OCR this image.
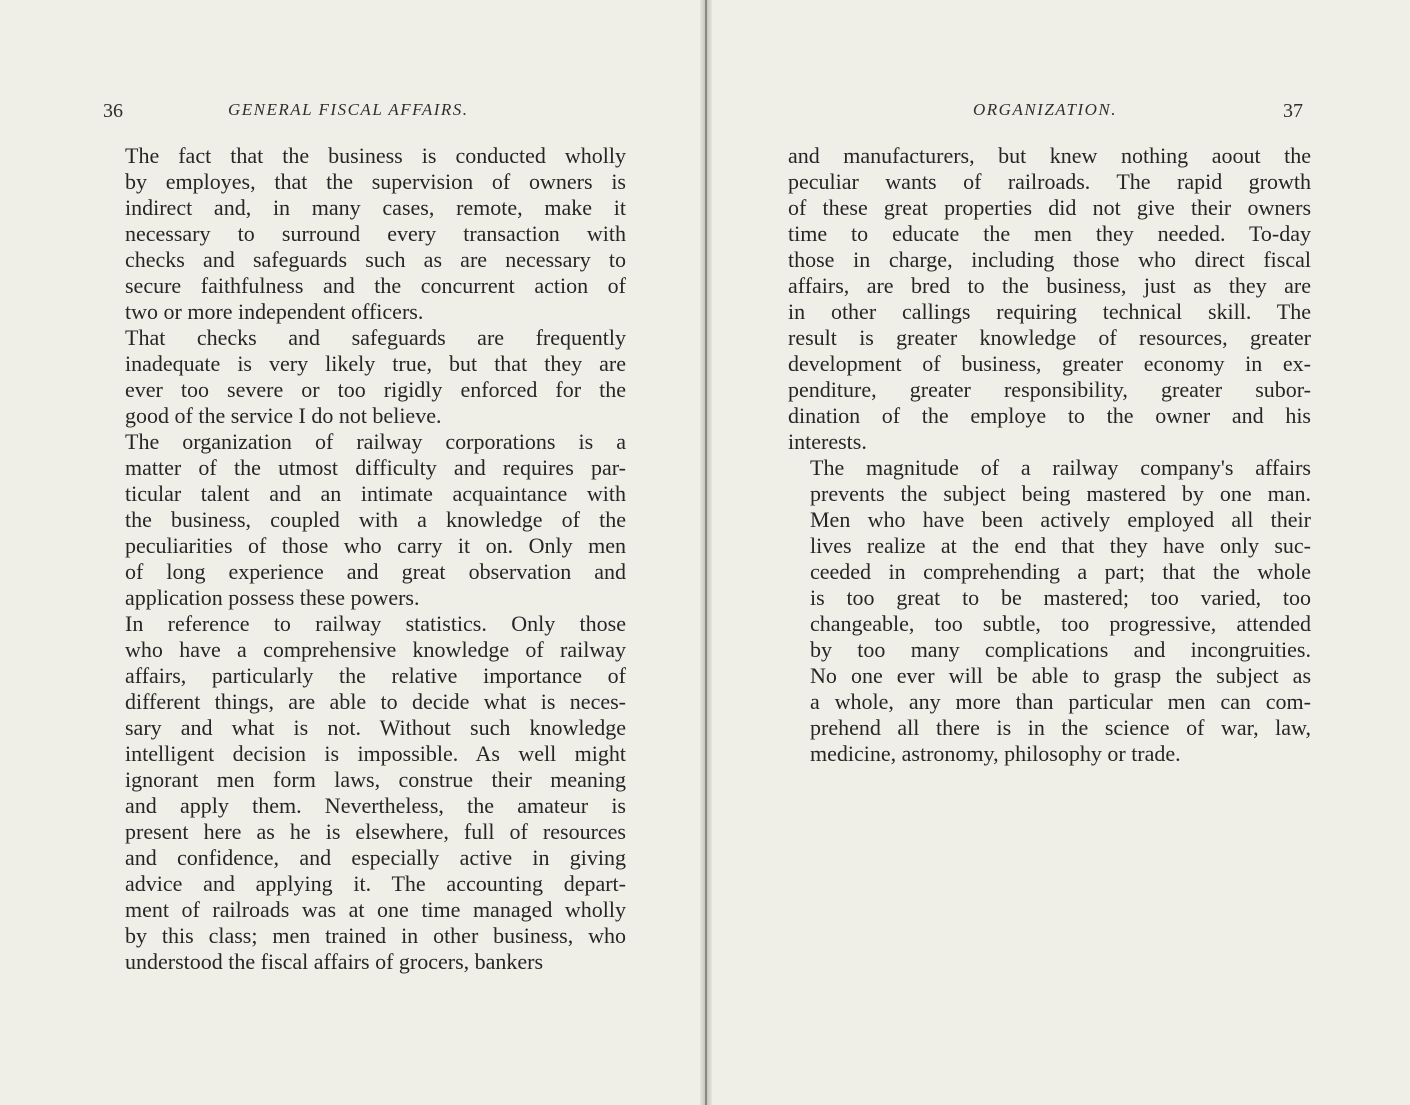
36	GENERAL FISCAL AFFAIRS.	ORGANIZATION.	37

The fact that the business is conducted wholly
by employes, that the supervision of owners is
indirect and, in many cases, remote, make it
necessary to surround every transaction with
checks and safeguards such as are necessary to
secure faithfulness and the concurrent action of
two or more independent officers.

That checks and safeguards are frequently
inadequate is very likely true, but that they are
ever too severe or too rigidly enforced for the
good of the service I do not believe.

The organization of railway corporations is a
matter of the utmost difficulty and requires par-
ticular talent and an intimate acquaintance with
the business, coupled with a knowledge of the
peculiarities of those who carry it on. Only men
of long experience and great observation and
application possess these powers.

In reference to railway statistics. Only those
who have a comprehensive knowledge of railway
affairs, particularly the relative importance of
different things, are able to decide what is neces-
sary and what is not. Without such knowledge
intelligent decision is impossible. As well might
ignorant men form laws, construe their meaning
and apply them. Nevertheless, the amateur is
present here as he is elsewhere, full of resources
and confidence, and especially active in giving
advice and applying it. The accounting depart-
ment of railroads was at one time managed wholly
by this class; men trained in other business, who
understood the fiscal affairs of grocers, bankers

and manufacturers, but knew nothing aoout the
peculiar wants of railroads. The rapid growth
of these great properties did not give their owners
time to educate the men they needed. To-day
those in charge, including those who direct fiscal
affairs, are bred to the business, just as they are
in other callings requiring technical skill. The
result is greater knowledge of resources, greater
development of business, greater economy in ex-
penditure, greater responsibility, greater subor-
dination of the employe to the owner and his
interests.

The magnitude of a railway company's affairs
prevents the subject being mastered by one man.
Men who have been actively employed all their
lives realize at the end that they have only suc-
ceeded in comprehending a part; that the whole
is too great to be mastered; too varied, too
changeable, too subtle, too progressive, attended
by too many complications and incongruities.
No one ever will be able to grasp the subject as
a whole, any more than particular men can com-
prehend all there is in the science of war, law,
medicine, astronomy, philosophy or trade.
